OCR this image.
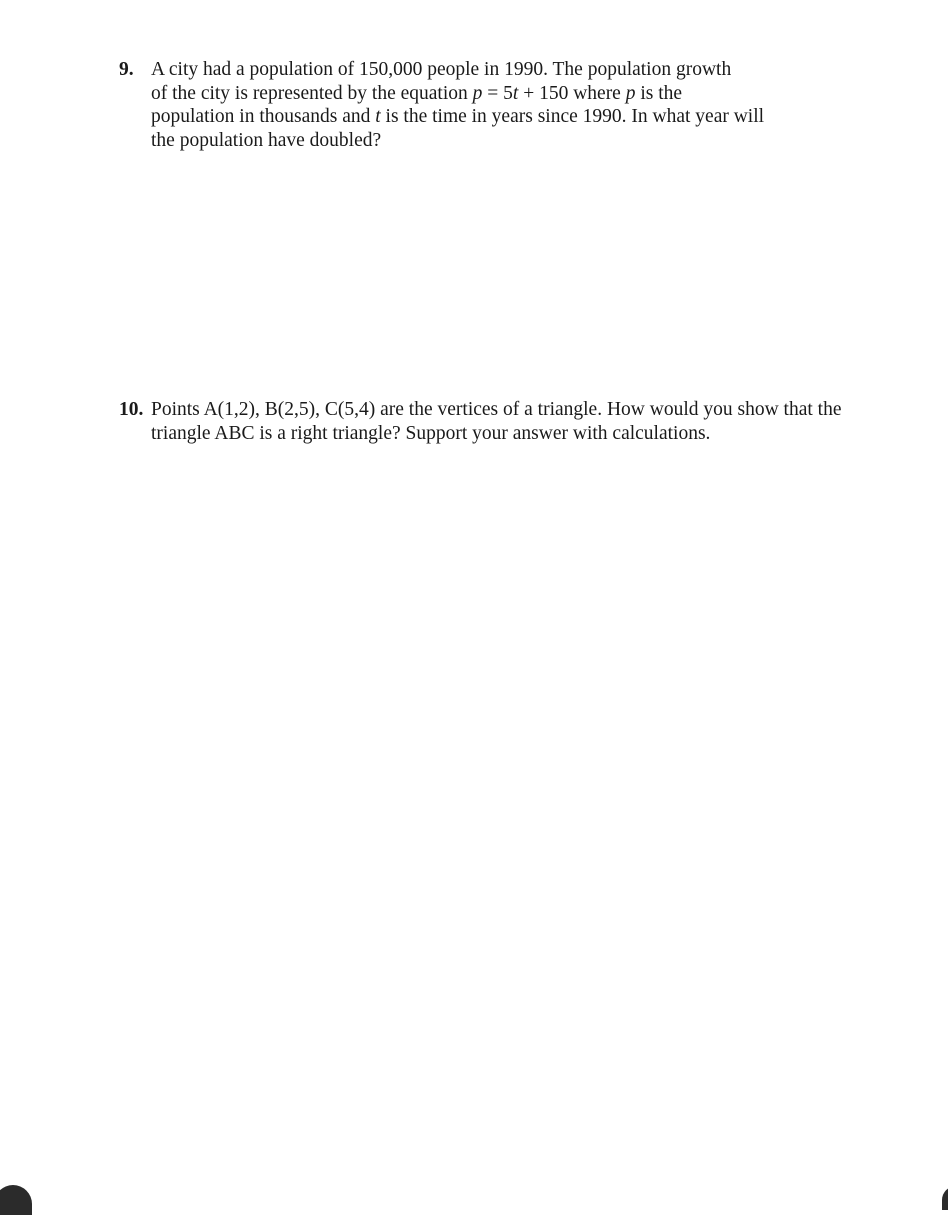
9. A city had a population of 150,000 people in 1990. The population growth
of the city is represented by the equation p = 5t + 150 where p is the
population in thousands and t is the time in years since 1990. In what year will
the population have doubled?
10. Points A(1,2), B(2,5), C(5,4) are the vertices of a triangle. How would you show that the
triangle ABC is a right triangle? Support your answer with calculations.
